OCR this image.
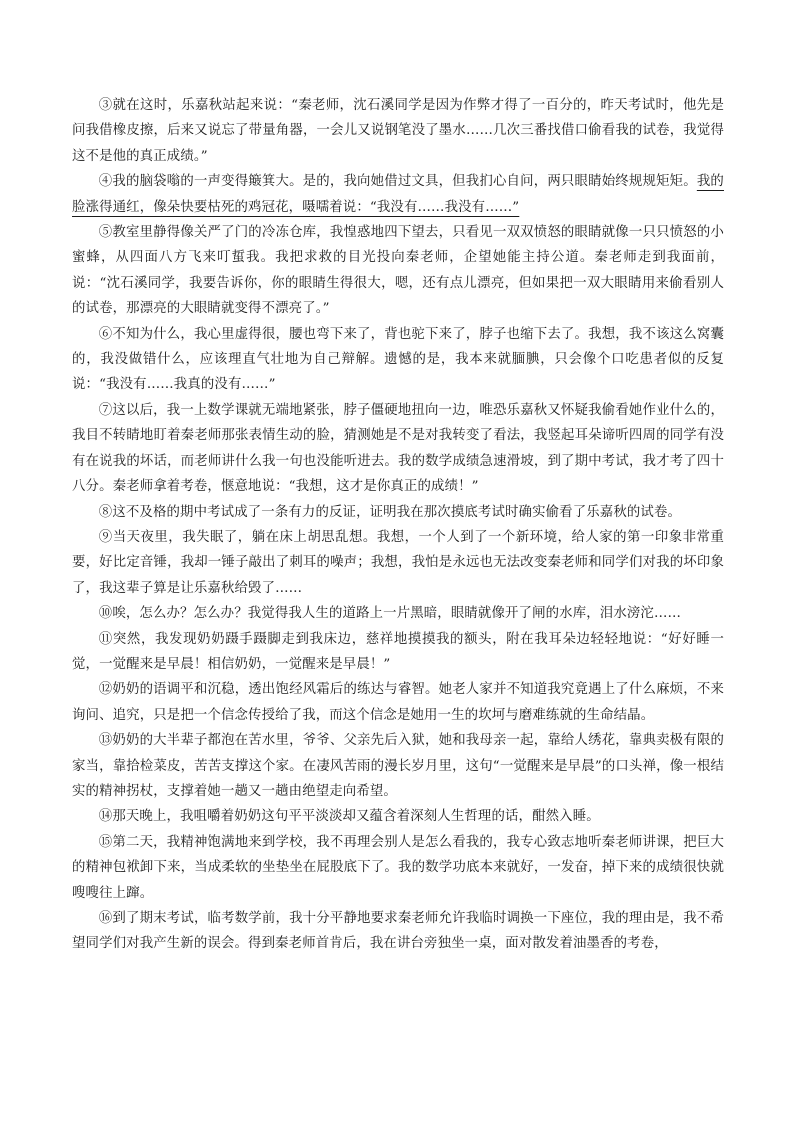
③就在这时，乐嘉秋站起来说：“秦老师，沈石溪同学是因为作弊才得了一百分的，昨天考试时，他先是问我借橡皮擦，后来又说忘了带量角器，一会儿又说钢笔没了墨水……几次三番找借口偷看我的试卷，我觉得这不是他的真正成绩。”

④我的脑袋嗡的一声变得簸箕大。是的，我向她借过文具，但我扪心自问，两只眼睛始终规规矩矩。我的脸涨得通红，像朵快要枯死的鸡冠花，嗫嚅着说：“我没有……我没有……”

⑤教室里静得像关严了门的冷冻仓库，我惶惑地四下望去，只看见一双双愤怒的眼睛就像一只只愤怒的小蜜蜂，从四面八方飞来叮蜇我。我把求救的目光投向秦老师，企望她能主持公道。秦老师走到我面前，说：“沈石溪同学，我要告诉你，你的眼睛生得很大，嗯，还有点儿漂亮，但如果把一双大眼睛用来偷看别人的试卷，那漂亮的大眼睛就变得不漂亮了。”

⑥不知为什么，我心里虚得很，腰也弯下来了，背也驼下来了，脖子也缩下去了。我想，我不该这么窝囊的，我没做错什么，应该理直气壮地为自己辩解。遗憾的是，我本来就腼腆，只会像个口吃患者似的反复说：“我没有……我真的没有……”

⑦这以后，我一上数学课就无端地紧张，脖子僵硬地扭向一边，唯恐乐嘉秋又怀疑我偷看她作业什么的，我目不转睛地盯着秦老师那张表情生动的脸，猜测她是不是对我转变了看法，我竖起耳朵谛听四周的同学有没有在说我的坏话，而老师讲什么我一句也没能听进去。我的数学成绩急速滑坡，到了期中考试，我才考了四十八分。秦老师拿着考卷，惬意地说：“我想，这才是你真正的成绩！”

⑧这不及格的期中考试成了一条有力的反证，证明我在那次摸底考试时确实偷看了乐嘉秋的试卷。

⑨当天夜里，我失眠了，躺在床上胡思乱想。我想，一个人到了一个新环境，给人家的第一印象非常重要，好比定音锤，我却一锤子敲出了刺耳的噪声；我想，我怕是永远也无法改变秦老师和同学们对我的坏印象了，我这辈子算是让乐嘉秋给毁了……

⑩唉，怎么办？怎么办？我觉得我人生的道路上一片黑暗，眼睛就像开了闸的水库，泪水滂沱……

⑪突然，我发现奶奶蹑手蹑脚走到我床边，慈祥地摸摸我的额头，附在我耳朵边轻轻地说：“好好睡一觉，一觉醒来是早晨！相信奶奶，一觉醒来是早晨！”

⑫奶奶的语调平和沉稳，透出饱经风霜后的练达与睿智。她老人家并不知道我究竟遇上了什么麻烦，不来询问、追究，只是把一个信念传授给了我，而这个信念是她用一生的坎坷与磨难练就的生命结晶。

⑬奶奶的大半辈子都泡在苦水里，爷爷、父亲先后入狱，她和我母亲一起，靠给人绣花，靠典卖极有限的家当，靠拾检菜皮，苦苦支撑这个家。在凄风苦雨的漫长岁月里，这句“一觉醒来是早晨”的口头禅，像一根结实的精神拐杖，支撑着她一趟又一趟由绝望走向希望。

⑭那天晚上，我咀嚼着奶奶这句平平淡淡却又蕴含着深刻人生哲理的话，酣然入睡。

⑮第二天，我精神饱满地来到学校，我不再理会别人是怎么看我的，我专心致志地听秦老师讲课，把巨大的精神包袱卸下来，当成柔软的坐垫坐在屁股底下了。我的数学功底本来就好，一发奋，掉下来的成绩很快就嗖嗖往上蹿。

⑯到了期末考试，临考数学前，我十分平静地要求秦老师允许我临时调换一下座位，我的理由是，我不希望同学们对我产生新的误会。得到秦老师首肯后，我在讲台旁独坐一桌，面对散发着油墨香的考卷，
